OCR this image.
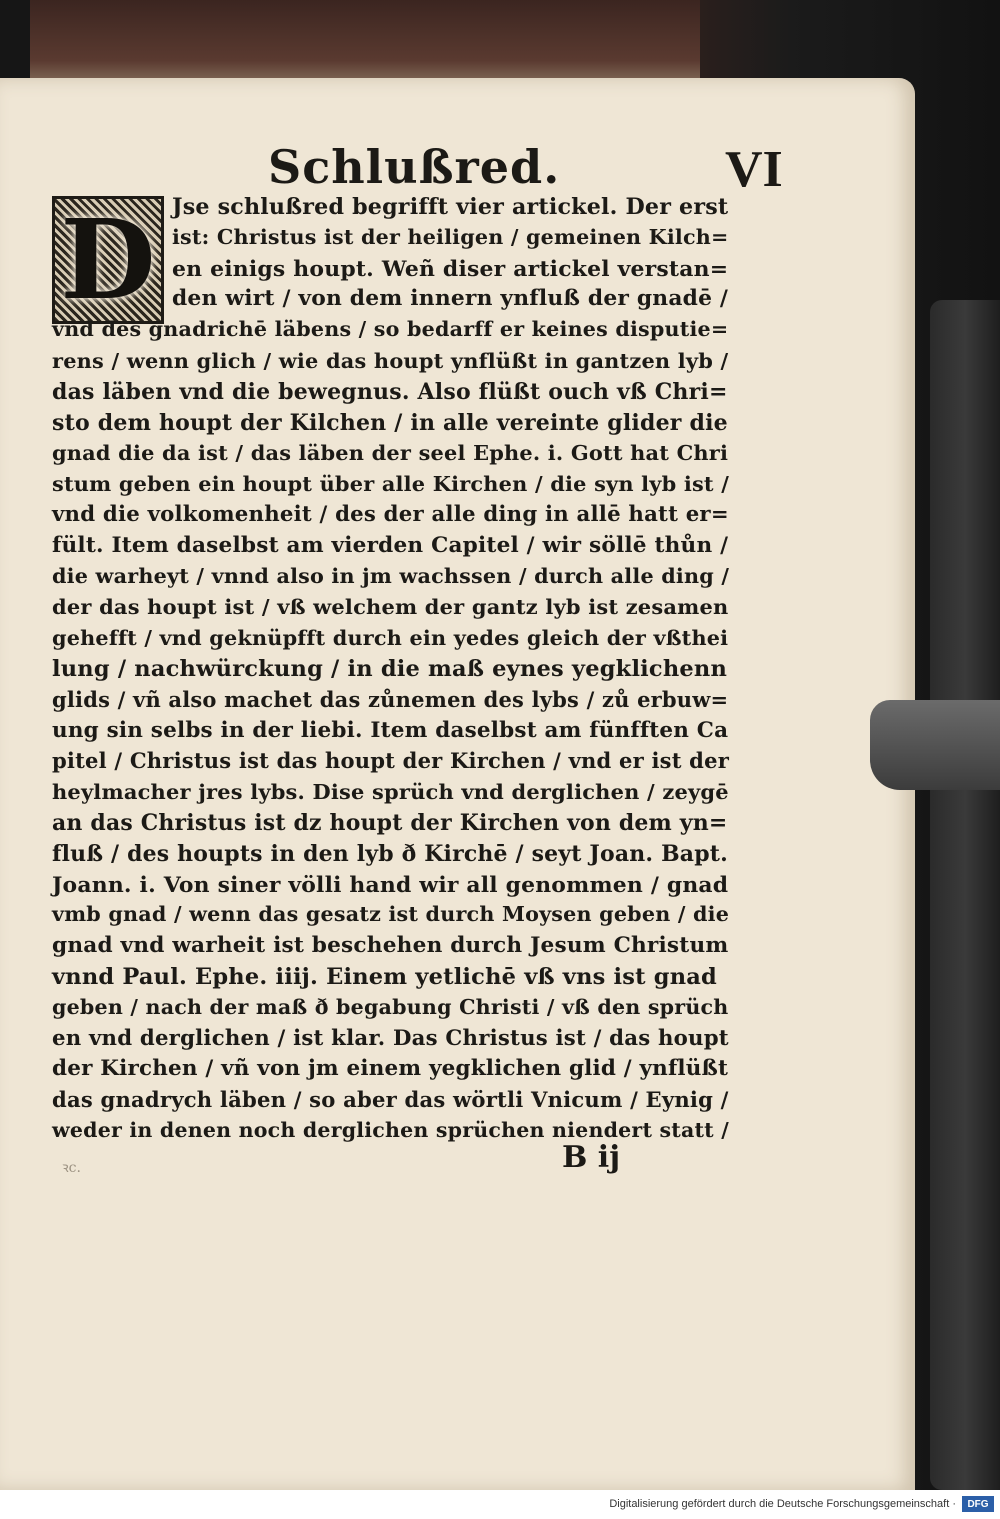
Schlußred.	VI
D Jse schlußred begrifft vier artickel. Der erst
ist: Christus ist der heiligen / gemeinen Kilch=
en einigs houpt. Weñ diser artickel verstan=
den wirt / von dem innern ynfluß der gnadē /
vnd des gnadrichē läbens / so bedarff er keines disputie=
rens / wenn glich / wie das houpt ynflüßt in gantzen lyb /
das läben vnd die bewegnus. Also flüßt ouch vß Chri=
sto dem houpt der Kilchen / in alle vereinte glider die
gnad die da ist / das läben der seel Ephe. i. Gott hat Chri
stum geben ein houpt über alle Kirchen / die syn lyb ist /
vnd die volkomenheit / des der alle ding in allē hatt er=
fült. Item daselbst am vierden Capitel / wir söllē thůn /
die warheyt / vnnd also in jm wachssen / durch alle ding /
der das houpt ist / vß welchem der gantz lyb ist zesamen
gehefft / vnd geknüpfft durch ein yedes gleich der vßthei
lung / nachwürckung / in die maß eynes yegklichenn
glids / vñ also machet das zůnemen des lybs / zů erbuw=
ung sin selbs in der liebi. Item daselbst am fünfften Ca
pitel / Christus ist das houpt der Kirchen / vnd er ist der
heylmacher jres lybs. Dise sprüch vnd derglichen / zeygē
an das Christus ist dz houpt der Kirchen von dem yn=
fluß / des houpts in den lyb ð Kirchē / seyt Joan. Bapt.
Joann. i. Von siner völli hand wir all genommen / gnad
vmb gnad / wenn das gesatz ist durch Moysen geben / die
gnad vnd warheit ist beschehen durch Jesum Christum
vnnd Paul. Ephe. iiij. Einem yetlichē vß vns ist gnad
geben / nach der maß ð begabung Christi / vß den sprüch
en vnd derglichen / ist klar. Das Christus ist / das houpt
der Kirchen / vñ von jm einem yegklichen glid / ynflüßt
das gnadrych läben / so aber das wörtli Vnicum / Eynig /
weder in denen noch derglichen sprüchen niendert statt /
ꝛc.	B ij
Digitalisierung gefördert durch die Deutsche Forschungsgemeinschaft ·	DFG
